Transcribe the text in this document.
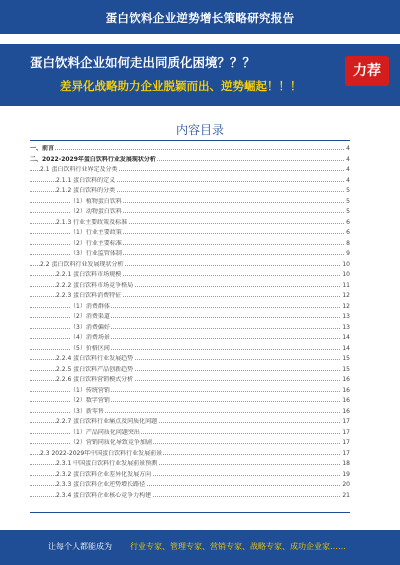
蛋白饮料企业逆势增长策略研究报告
蛋白饮料企业如何走出同质化困境？？？
差异化战略助力企业脱颖而出、逆势崛起！！！
力荐
内容目录
一、前言	4
二、2022-2029年蛋白饮料行业发展现状分析	4
2.1 蛋白饮料行业界定及分类	4
2.1.1 蛋白饮料的定义	4
2.1.2 蛋白饮料的分类	5
（1）植物蛋白饮料	5
（2）动物蛋白饮料	5
2.1.3 行业主要政策及标准	6
（1）行业主要政策	6
（2）行业主要标准	8
（3）行业监管体制	9
2.2 蛋白饮料行业发展现状分析	10
2.2.1 蛋白饮料市场规模	10
2.2.2 蛋白饮料市场竞争格局	11
2.2.3 蛋白饮料消费特征	12
（1）消费群体	12
（2）消费渠道	13
（3）消费偏好	13
（4）消费场景	14
（5）价格区间	14
2.2.4 蛋白饮料行业发展趋势	15
2.2.5 蛋白饮料产品创新趋势	15
2.2.6 蛋白饮料营销模式分析	16
（1）传统营销	16
（2）数字营销	16
（3）新零售	16
2.2.7 蛋白饮料行业痛点及同质化问题	17
（1）产品同质化问题突出	17
（2）营销同质化导致竞争加剧	17
2.3 2022-2029年中国蛋白饮料行业发展前景	17
2.3.1 中国蛋白饮料行业发展前景预测	18
2.3.2 蛋白饮料企业差异化发展方向	19
2.3.3 蛋白饮料企业逆势增长路径	20
2.3.4 蛋白饮料企业核心竞争力构建	21
让每个人都能成为 行业专家、管理专家、营销专家、战略专家、成功企业家……
